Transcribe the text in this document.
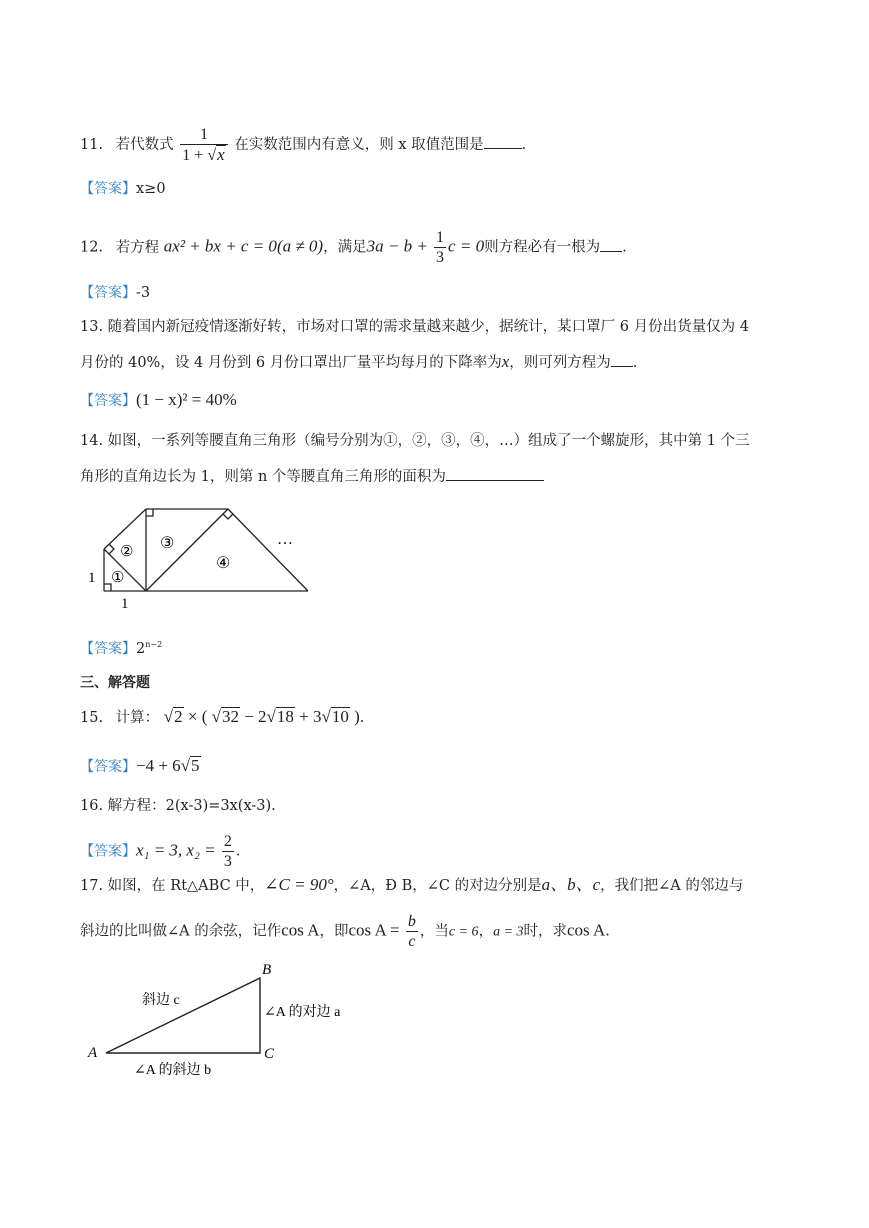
11. 若代数式 $\frac{1}{1 + √x}$ 在实数范围内有意义，则 x 取值范围是	.
【答案】x≥0
12. 若方程 ax² + bx + c = 0(a ≠ 0)，满足$3a - b + \frac{1}{3}$ c = 0则方程必有一根为 .
【答案】-3
13. 随着国内新冠疫情逐渐好转，市场对口罩的需求量越来越少，据统计，某口罩厂 6 月份出货量仅为 4
月份的 40%，设 4 月份到 6 月份口罩出厂量平均每月的下降率为x，则可列方程为 .
【答案】(1 − x)² = 40%
14. 如图，一系列等腰直角三角形（编号分别为①，②，③，④，…）组成了一个螺旋形，其中第 1 个三
角形的直角边长为 1，则第 n 个等腰直角三角形的面积为
1
1
①
② ③
④
…
【答案】$2^{n-2}$
三、解答题
15. 计算： √2 × ( √32 − 2√18 + 3√10 ).
【答案】−4 + 6√5
16. 解方程：2(x-3)=3x(x-3).
【答案】x₁ = 3, $x_2 = \frac{2}{3}$ .
17. 如图，在 Rt△ABC 中，∠C = 90°，∠A，Ð B，∠C 的对边分别是a、b、c，我们把∠A 的邻边与
斜边的比叫做∠A 的余弦，记作cos A，即$\cos A = \frac{b}{c}$ ，当c = 6，a = 3时，求cos A.
A
B
C
斜边 c
∠A 的对边 a
∠A 的斜边 b
